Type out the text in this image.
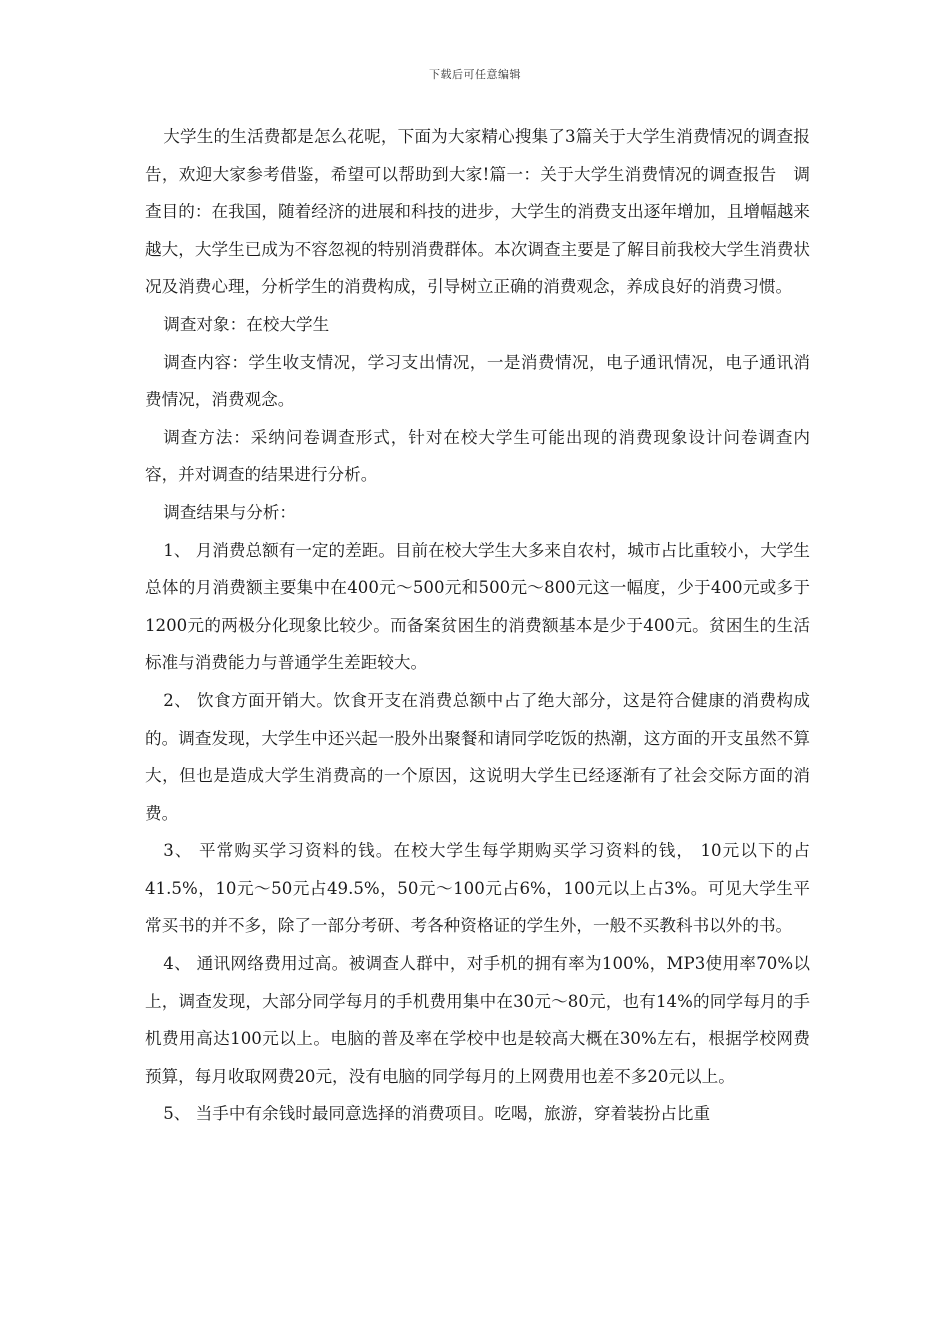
下载后可任意编辑

大学生的生活费都是怎么花呢，下面为大家精心搜集了3篇关于大学生消费情况的调查报告，欢迎大家参考借鉴，希望可以帮助到大家!篇一：关于大学生消费情况的调查报告　调查目的：在我国，随着经济的进展和科技的进步，大学生的消费支出逐年增加，且增幅越来越大，大学生已成为不容忽视的特别消费群体。本次调查主要是了解目前我校大学生消费状况及消费心理，分析学生的消费构成，引导树立正确的消费观念，养成良好的消费习惯。

调查对象：在校大学生

调查内容：学生收支情况，学习支出情况，一是消费情况，电子通讯情况，电子通讯消费情况，消费观念。

调查方法：采纳问卷调查形式，针对在校大学生可能出现的消费现象设计问卷调查内容，并对调查的结果进行分析。

调查结果与分析：

1、 月消费总额有一定的差距。目前在校大学生大多来自农村，城市占比重较小，大学生总体的月消费额主要集中在400元～500元和500元～800元这一幅度，少于400元或多于1200元的两极分化现象比较少。而备案贫困生的消费额基本是少于400元。贫困生的生活标准与消费能力与普通学生差距较大。

2、 饮食方面开销大。饮食开支在消费总额中占了绝大部分，这是符合健康的消费构成的。调查发现，大学生中还兴起一股外出聚餐和请同学吃饭的热潮，这方面的开支虽然不算大，但也是造成大学生消费高的一个原因，这说明大学生已经逐渐有了社会交际方面的消费。

3、 平常购买学习资料的钱。在校大学生每学期购买学习资料的钱， 10元以下的占41.5%，10元～50元占49.5%，50元～100元占6%，100元以上占3%。可见大学生平常买书的并不多，除了一部分考研、考各种资格证的学生外，一般不买教科书以外的书。

4、 通讯网络费用过高。被调查人群中，对手机的拥有率为100%，MP3使用率70%以上，调查发现，大部分同学每月的手机费用集中在30元～80元，也有14%的同学每月的手机费用高达100元以上。电脑的普及率在学校中也是较高大概在30%左右，根据学校网费预算，每月收取网费20元，没有电脑的同学每月的上网费用也差不多20元以上。

5、 当手中有余钱时最同意选择的消费项目。吃喝，旅游，穿着装扮占比重
